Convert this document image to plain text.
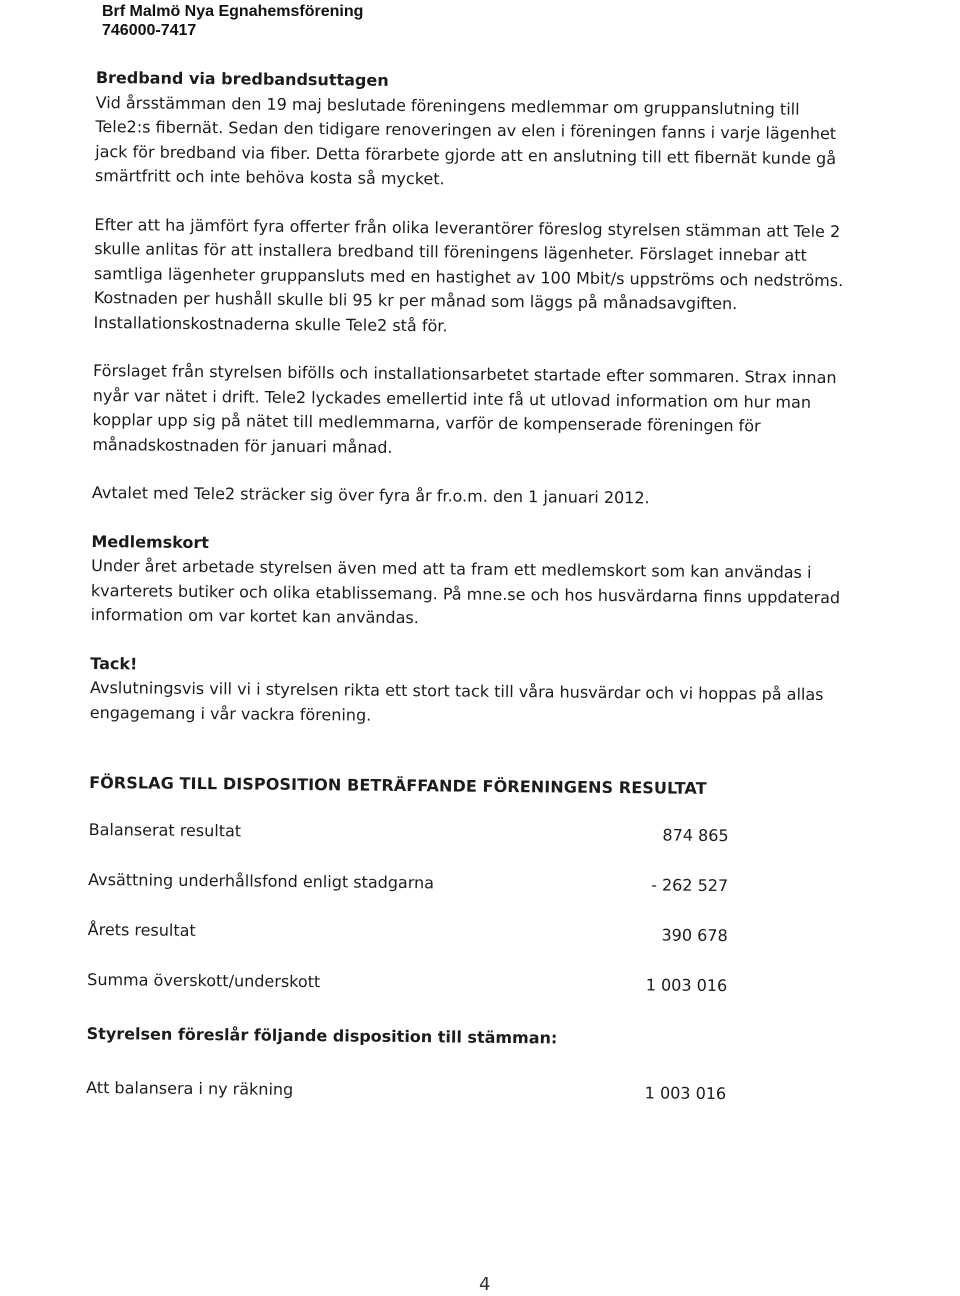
Brf Malmö Nya Egnahemsförening
746000-7417
Bredband via bredbandsuttagen
Vid årsstämman den 19 maj beslutade föreningens medlemmar om gruppanslutning till
Tele2:s fibernät. Sedan den tidigare renoveringen av elen i föreningen fanns i varje lägenhet
jack för bredband via fiber. Detta förarbete gjorde att en anslutning till ett fibernät kunde gå
smärtfritt och inte behöva kosta så mycket.
Efter att ha jämfört fyra offerter från olika leverantörer föreslog styrelsen stämman att Tele 2
skulle anlitas för att installera bredband till föreningens lägenheter. Förslaget innebar att
samtliga lägenheter gruppansluts med en hastighet av 100 Mbit/s uppströms och nedströms.
Kostnaden per hushåll skulle bli 95 kr per månad som läggs på månadsavgiften.
Installationskostnaderna skulle Tele2 stå för.
Förslaget från styrelsen bifölls och installationsarbetet startade efter sommaren. Strax innan
nyår var nätet i drift. Tele2 lyckades emellertid inte få ut utlovad information om hur man
kopplar upp sig på nätet till medlemmarna, varför de kompenserade föreningen för
månadskostnaden för januari månad.
Avtalet med Tele2 sträcker sig över fyra år fr.o.m. den 1 januari 2012.
Medlemskort
Under året arbetade styrelsen även med att ta fram ett medlemskort som kan användas i
kvarterets butiker och olika etablissemang. På mne.se och hos husvärdarna finns uppdaterad
information om var kortet kan användas.
Tack!
Avslutningsvis vill vi i styrelsen rikta ett stort tack till våra husvärdar och vi hoppas på allas
engagemang i vår vackra förening.
FÖRSLAG TILL DISPOSITION BETRÄFFANDE FÖRENINGENS RESULTAT
Balanserat resultat	874 865
Avsättning underhållsfond enligt stadgarna	- 262 527
Årets resultat	390 678
Summa överskott/underskott	1 003 016
Styrelsen föreslår följande disposition till stämman:
Att balansera i ny räkning	1 003 016
4
